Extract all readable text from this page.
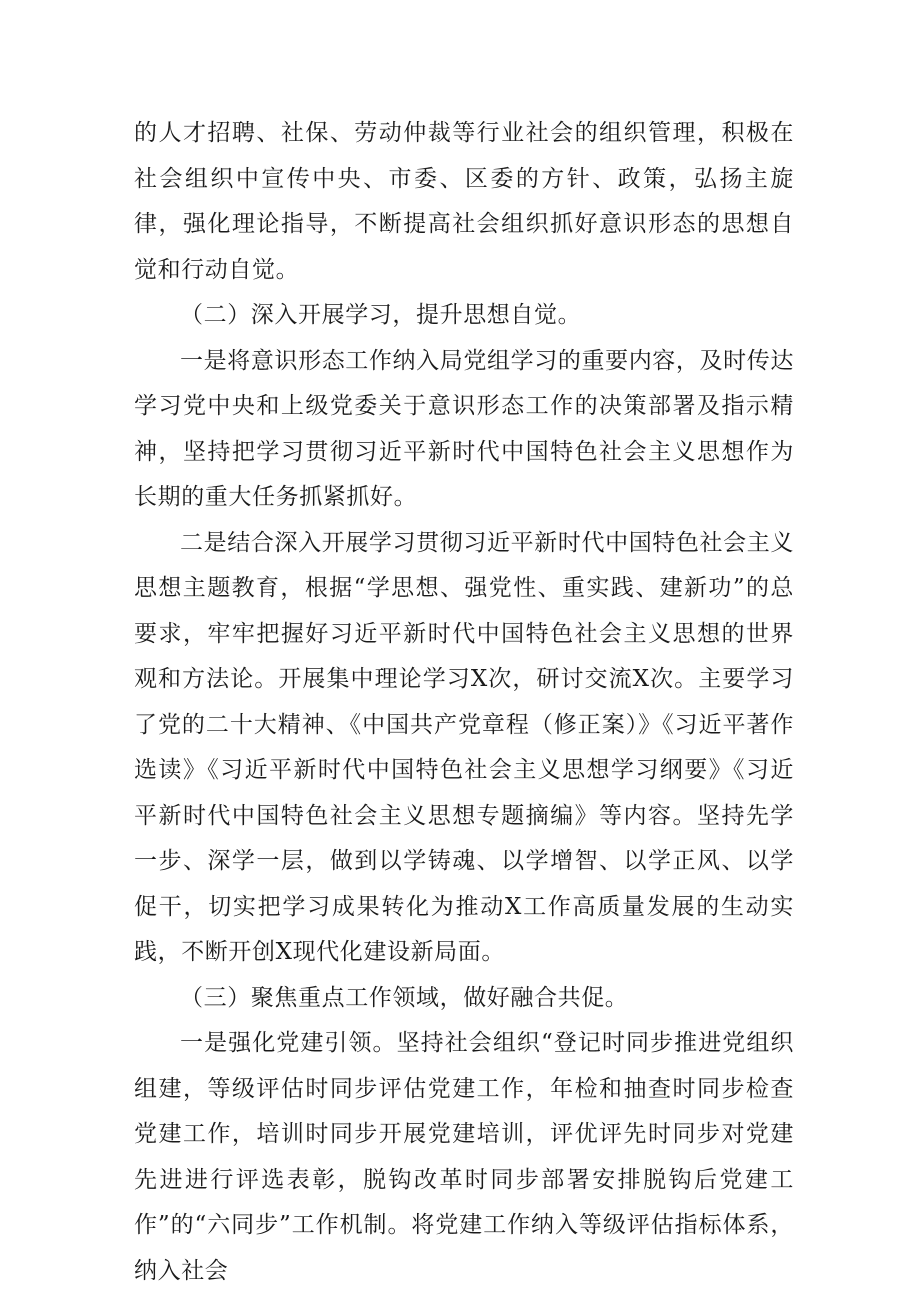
的人才招聘、社保、劳动仲裁等行业社会的组织管理，积极在社会组织中宣传中央、市委、区委的方针、政策，弘扬主旋律，强化理论指导，不断提高社会组织抓好意识形态的思想自觉和行动自觉。

（二）深入开展学习，提升思想自觉。

一是将意识形态工作纳入局党组学习的重要内容，及时传达学习党中央和上级党委关于意识形态工作的决策部署及指示精神，坚持把学习贯彻习近平新时代中国特色社会主义思想作为长期的重大任务抓紧抓好。

二是结合深入开展学习贯彻习近平新时代中国特色社会主义思想主题教育，根据“学思想、强党性、重实践、建新功”的总要求，牢牢把握好习近平新时代中国特色社会主义思想的世界观和方法论。开展集中理论学习X次，研讨交流X次。主要学习了党的二十大精神、《中国共产党章程（修正案）》《习近平著作选读》《习近平新时代中国特色社会主义思想学习纲要》《习近平新时代中国特色社会主义思想专题摘编》等内容。坚持先学一步、深学一层，做到以学铸魂、以学增智、以学正风、以学促干，切实把学习成果转化为推动X工作高质量发展的生动实践，不断开创X现代化建设新局面。

（三）聚焦重点工作领域，做好融合共促。

一是强化党建引领。坚持社会组织“登记时同步推进党组织组建，等级评估时同步评估党建工作，年检和抽查时同步检查党建工作，培训时同步开展党建培训，评优评先时同步对党建先进进行评选表彰，脱钩改革时同步部署安排脱钩后党建工作”的“六同步”工作机制。将党建工作纳入等级评估指标体系，纳入社会
